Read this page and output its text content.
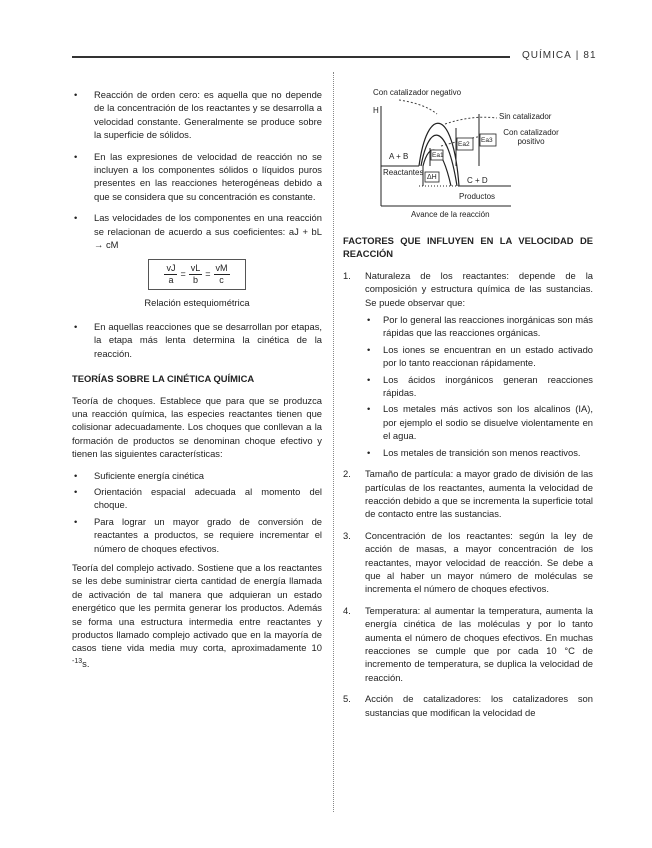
QUÍMICA | 81
• Reacción de orden cero: es aquella que no depende de la concentración de los reactantes y se desarrolla a velocidad constante. Generalmente se produce sobre la superficie de sólidos.
• En las expresiones de velocidad de reacción no se incluyen a los componentes sólidos o líquidos puros presentes en las reacciones heterogéneas debido a que se considera que su concentración es constante.
• Las velocidades de los componentes en una reacción se relacionan de acuerdo a sus coeficientes: aJ + bL → cM
$\frac{vJ}{a} = \frac{vL}{b} = \frac{vM}{c}$
Relación estequiométrica
• En aquellas reacciones que se desarrollan por etapas, la etapa más lenta determina la cinética de la reacción.
TEORÍAS SOBRE LA CINÉTICA QUÍMICA

Teoría de choques. Establece que para que se produzca una reacción química, las especies reactantes tienen que colisionar adecuadamente. Los choques que conllevan a la formación de productos se denominan choque efectivo y tienen las siguientes características:

• Suficiente energía cinética
• Orientación espacial adecuada al momento del choque.
• Para lograr un mayor grado de conversión de reactantes a productos, se requiere incrementar el número de choques efectivos.

Teoría del complejo activado. Sostiene que a los reactantes se les debe suministrar cierta cantidad de energía llamada de activación de tal manera que adquieran un estado energético que les permita generar los productos. Además se forma una estructura intermedia entre reactantes y productos llamado complejo activado que en la mayoría de casos tiene vida media muy corta, aproximadamente 10 $^{-13}$s.

Con catalizador negativo
H
Sin catalizador
Con catalizador positivo
A + B
Reactantes
Ea1
Ea2
Ea3
ΔH	C + D
Productos
Avance de la reacción
FACTORES QUE INFLUYEN EN LA VELOCIDAD DE REACCIÓN
1. Naturaleza de los reactantes: depende de la composición y estructura química de las sustancias. Se puede observar que:
• Por lo general las reacciones inorgánicas son más rápidas que las reacciones orgánicas.
• Los iones se encuentran en un estado activado por lo tanto reaccionan rápidamente.
• Los ácidos inorgánicos generan reacciones rápidas.
• Los metales más activos son los alcalinos (IA), por ejemplo el sodio se disuelve violentamente en el agua.
• Los metales de transición son menos reactivos.
2. Tamaño de partícula: a mayor grado de división de las partículas de los reactantes, aumenta la velocidad de reacción debido a que se incrementa la superficie total de contacto entre las sustancias.
3. Concentración de los reactantes: según la ley de acción de masas, a mayor concentración de los reactantes, mayor velocidad de reacción. Se debe a que al haber un mayor número de moléculas se incrementa el número de choques efectivos.
4. Temperatura: al aumentar la temperatura, aumenta la energía cinética de las moléculas y por lo tanto aumenta el número de choques efectivos. En muchas reacciones se cumple que por cada 10 °C de incremento de temperatura, se duplica la velocidad de reacción.
5. Acción de catalizadores: los catalizadores son sustancias que modifican la velocidad de
